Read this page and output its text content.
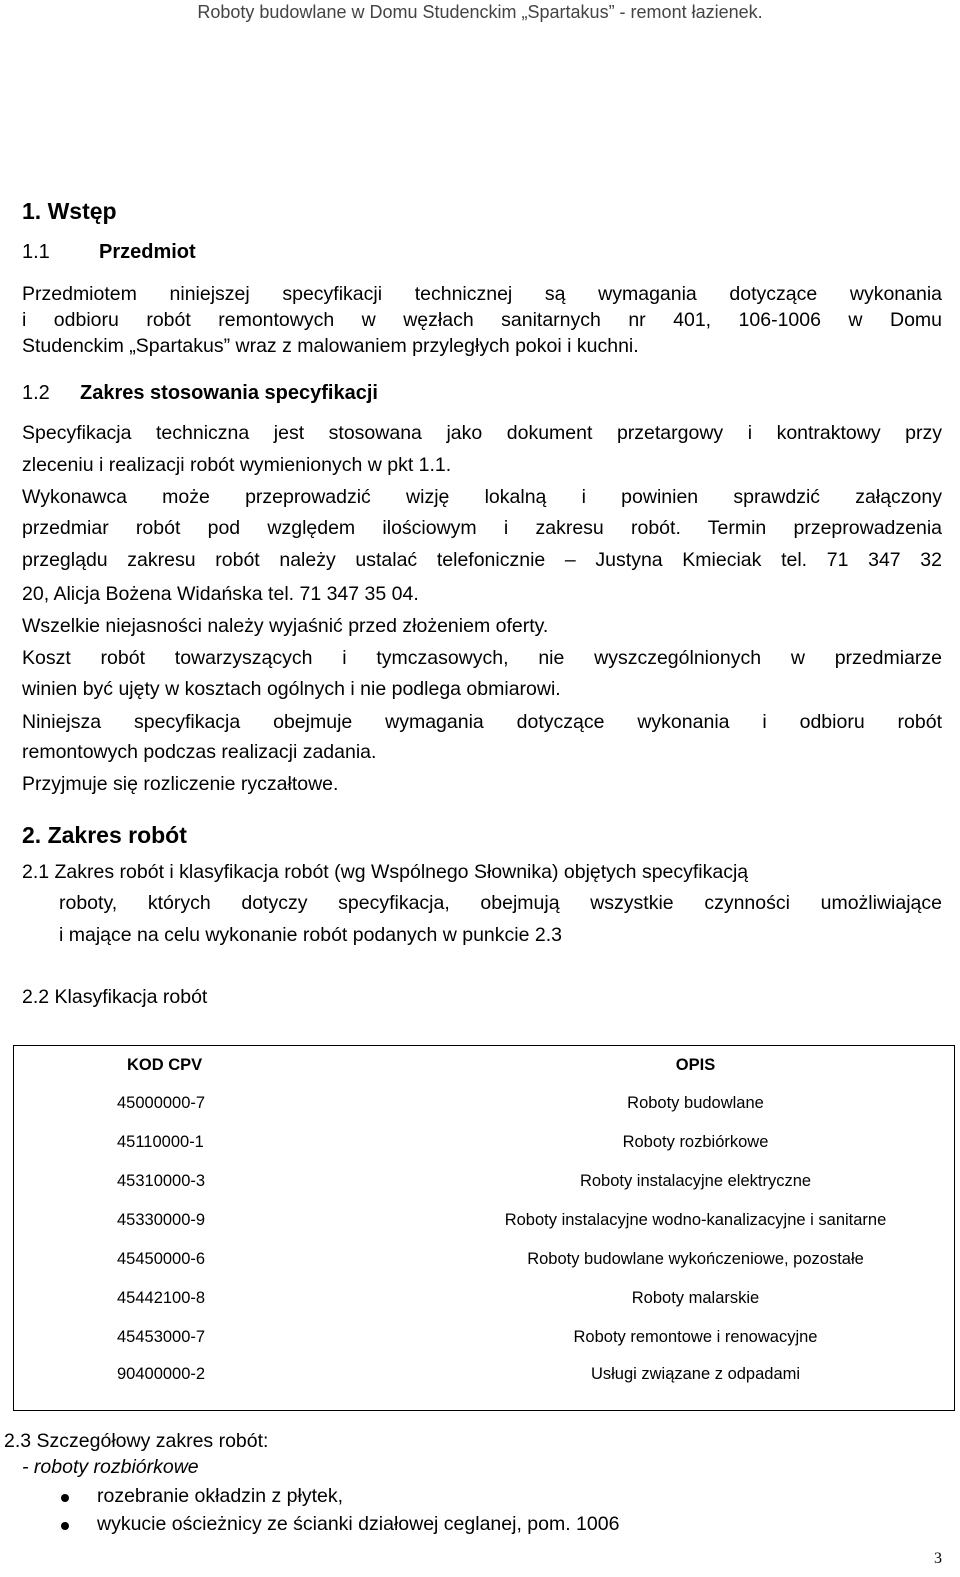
Roboty budowlane w Domu Studenckim „Spartakus” - remont łazienek.
1. Wstęp
1.1 Przedmiot
Przedmiotem niniejszej specyfikacji technicznej są wymagania dotyczące wykonania
i odbioru robót remontowych w węzłach sanitarnych nr 401, 106-1006 w Domu
Studenckim „Spartakus” wraz z malowaniem przyległych pokoi i kuchni.
1.2 Zakres stosowania specyfikacji
Specyfikacja techniczna jest stosowana jako dokument przetargowy i kontraktowy przy
zleceniu i realizacji robót wymienionych w pkt 1.1.
Wykonawca może przeprowadzić wizję lokalną i powinien sprawdzić załączony
przedmiar robót pod względem ilościowym i zakresu robót. Termin przeprowadzenia
przeglądu zakresu robót należy ustalać telefonicznie – Justyna Kmieciak tel. 71 347 32
20, Alicja Bożena Widańska tel. 71 347 35 04.
Wszelkie niejasności należy wyjaśnić przed złożeniem oferty.
Koszt robót towarzyszących i tymczasowych, nie wyszczególnionych w przedmiarze
winien być ujęty w kosztach ogólnych i nie podlega obmiarowi.
Niniejsza specyfikacja obejmuje wymagania dotyczące wykonania i odbioru robót
remontowych podczas realizacji zadania.
Przyjmuje się rozliczenie ryczałtowe.
2. Zakres robót
2.1 Zakres robót i klasyfikacja robót (wg Wspólnego Słownika) objętych specyfikacją
roboty, których dotyczy specyfikacja, obejmują wszystkie czynności umożliwiające
i mające na celu wykonanie robót podanych w punkcie 2.3
2.2 Klasyfikacja robót
KOD CPV	OPIS
45000000-7	Roboty budowlane
45110000-1	Roboty rozbiórkowe
45310000-3	Roboty instalacyjne elektryczne
45330000-9	Roboty instalacyjne wodno-kanalizacyjne i sanitarne
45450000-6	Roboty budowlane wykończeniowe, pozostałe
45442100-8	Roboty malarskie
45453000-7	Roboty remontowe i renowacyjne
90400000-2	Usługi związane z odpadami
2.3 Szczegółowy zakres robót:
- roboty rozbiórkowe
rozebranie okładzin z płytek,
wykucie ościeżnicy ze ścianki działowej ceglanej, pom. 1006
3
